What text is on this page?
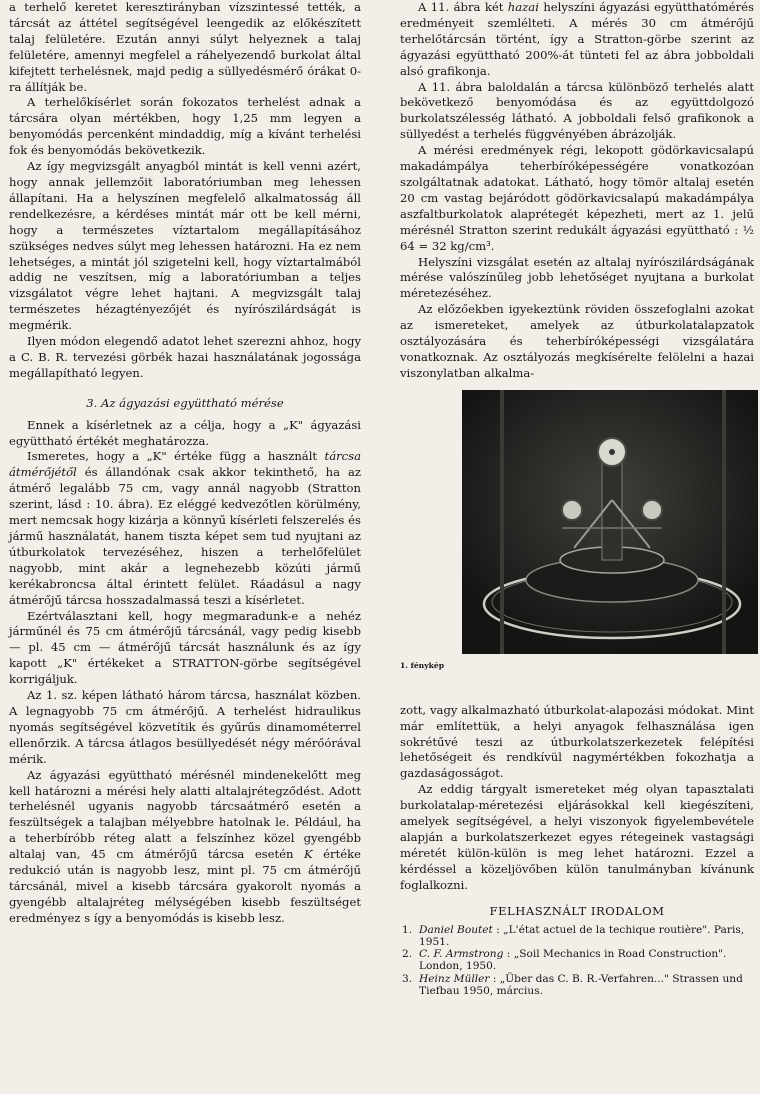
a terhelő keretet keresztirányban vízszintessé tették, a tárcsát az áttétel segítségével leengedik az előkészített talaj felületére. Ezután annyi súlyt helyeznek a talaj felületére, amennyi megfelel a ráhelyezendő burkolat által kifejtett terhelésnek, majd pedig a süllyedésmérő órákat 0-ra állítják be.

A terhelőkísérlet során fokozatos terhelést adnak a tárcsára olyan mértékben, hogy 1,25 mm legyen a benyomódás percenként mindaddig, míg a kívánt terhelési fok és benyomódás bekövetkezik.

Az így megvizsgált anyagból mintát is kell venni azért, hogy annak jellemzőit laboratóriumban meg lehessen állapítani. Ha a helyszínen megfelelő alkalmatosság áll rendelkezésre, a kérdéses mintát már ott be kell mérni, hogy a természetes víztartalom megállapításához szükséges nedves súlyt meg lehessen határozni. Ha ez nem lehetséges, a mintát jól szigetelni kell, hogy víztartalmából addig ne veszítsen, míg a laboratóriumban a teljes vizsgálatot végre lehet hajtani. A megvizsgált talaj természetes hézagtényezőjét és nyírószilárdságát is megmérik.

Ilyen módon elegendő adatot lehet szerezni ahhoz, hogy a C. B. R. tervezési görbék hazai használatának jogossága megállapítható legyen.

3. Az ágyazási együttható mérése

Ennek a kísérletnek az a célja, hogy a „K" ágyazási együttható értékét meghatározza.

Ismeretes, hogy a „K" értéke függ a használt tárcsa átmérőjétől és állandónak csak akkor tekinthető, ha az átmérő legalább 75 cm, vagy annál nagyobb (Stratton szerint, lásd : 10. ábra). Ez eléggé kedvezőtlen körülmény, mert nemcsak hogy kizárja a könnyű kísérleti felszerelés és jármű használatát, hanem tiszta képet sem tud nyujtani az útburkolatok tervezéséhez, hiszen a terhelőfelület nagyobb, mint akár a legnehezebb közúti jármű kerékabroncsa által érintett felület. Ráadásul a nagy átmérőjű tárcsa hosszadalmassá teszi a kísérletet.

Ezértválasztani kell, hogy megmaradunk-e a nehéz járműnél és 75 cm átmérőjű tárcsánál, vagy pedig kisebb — pl. 45 cm — átmérőjű tárcsát használunk és az így kapott „K" értékeket a STRATTON-görbe segítségével korrigáljuk.

Az 1. sz. képen látható három tárcsa, használat közben. A legnagyobb 75 cm átmérőjű. A terhelést hidraulikus nyomás segítségével közvetítik és gyűrűs dinamométerrel ellenőrzik. A tárcsa átlagos besüllyedését négy mérőórával mérik.

Az ágyazási együttható mérésnél mindenekelőtt meg kell határozni a mérési hely alatti altalajrétegződést. Adott terhelésnél ugyanis nagyobb tárcsaátmérő esetén a feszültségek a talajban mélyebbre hatolnak le. Például, ha a teherbíróbb réteg alatt a felszínhez közel gyengébb altalaj van, 45 cm átmérőjű tárcsa esetén K értéke redukció után is nagyobb lesz, mint pl. 75 cm átmérőjű tárcsánál, mivel a kisebb tárcsára gyakorolt nyomás a gyengébb altalajréteg mélységében kisebb feszültséget eredményez s így a benyomódás is kisebb lesz.

A 11. ábra két hazai helyszíni ágyazási együtthatómérés eredményeit szemlélteti. A mérés 30 cm átmérőjű terhelőtárcsán történt, így a Stratton-görbe szerint az ágyazási együttható 200%-át tünteti fel az ábra jobboldali alsó grafikonja.

A 11. ábra baloldalán a tárcsa különböző terhelés alatt bekövetkező benyomódása és az együttdolgozó burkolatszélesség látható. A jobboldali felső grafikonok a süllyedést a terhelés függvényében ábrázolják.

A mérési eredmények régi, lekopott gödörkavicsalapú makadámpálya teherbíróképességére vonatkozóan szolgáltatnak adatokat. Látható, hogy tömör altalaj esetén 20 cm vastag bejáródott gödörkavicsalapú makadámpálya aszfaltburkolatok alaprétegét képezheti, mert az 1. jelű mérésnél Stratton szerint redukált ágyazási együttható : ½ 64 = 32 kg/cm³.

Helyszíni vizsgálat esetén az altalaj nyírószilárdságának mérése valószínűleg jobb lehetőséget nyujtana a burkolat méretezéséhez.

Az előzőekben igyekeztünk röviden összefoglalni azokat az ismereteket, amelyek az útburkolatalapzatok osztályozására és teherbíróképességi vizsgálatára vonatkoznak. Az osztályozás megkísérelte felölelni a hazai viszonylatban alkalma-

1. fénykép

zott, vagy alkalmazható útburkolat-alapozási módokat. Mint már említettük, a helyi anyagok felhasználása igen sokrétűvé teszi az útburkolatszerkezetek felépítési lehetőségeit és rendkívül nagymértékben fokozhatja a gazdaságosságot.

Az eddig tárgyalt ismereteket még olyan tapasztalati burkolatalap-méretezési eljárásokkal kell kiegészíteni, amelyek segítségével, a helyi viszonyok figyelembevétele alapján a burkolatszerkezet egyes rétegeinek vastagsági méretét külön-külön is meg lehet határozni. Ezzel a kérdéssel a közeljövőben külön tanulmányban kívánunk foglalkozni.

FELHASZNÁLT IRODALOM
1. Daniel Boutet : „L'état actuel de la techique routière". Paris, 1951.
2. C. F. Armstrong : „Soil Mechanics in Road Construction". London, 1950.
3. Heinz Müller : „Über das C. B. R.-Verfahren..." Strassen und Tiefbau 1950, március.
